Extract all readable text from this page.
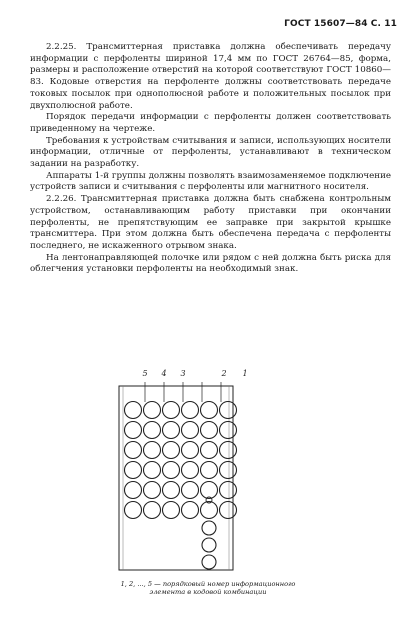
ГОСТ 15607—84 С. 11

2.2.25. Трансмиттерная приставка должна обеспечивать передачу информации с перфоленты шириной 17,4 мм по ГОСТ 26764—85, форма, размеры и расположение отверстий на которой соответствуют ГОСТ 10860—83. Кодовые отверстия на перфоленте должны соответствовать передаче токовых посылок при однополюсной работе и положительных посылок при двухполюсной работе.

Порядок передачи информации с перфоленты должен соответствовать приведенному на чертеже.

Требования к устройствам считывания и записи, использующих носители информации, отличные от перфоленты, устанавливают в техническом задании на разработку.

Аппараты 1-й группы должны позволять взаимозаменяемое подключение устройств записи и считывания с перфоленты или магнитного носителя.

2.2.26. Трансмиттерная приставка должна быть снабжена контрольным устройством, останавливающим работу приставки при окончании перфоленты, не препятствующим ее заправке при закрытой крышке трансмиттера. При этом должна быть обеспечена передача с перфоленты последнего, не искаженного отрывом знака.

На лентонаправляющей полочке или рядом с ней должна быть риска для облегчения установки перфоленты на необходимый знак.

5 4 3	2 1
1, 2, ..., 5 — порядковый номер информационного элемента в кодовой комбинации
